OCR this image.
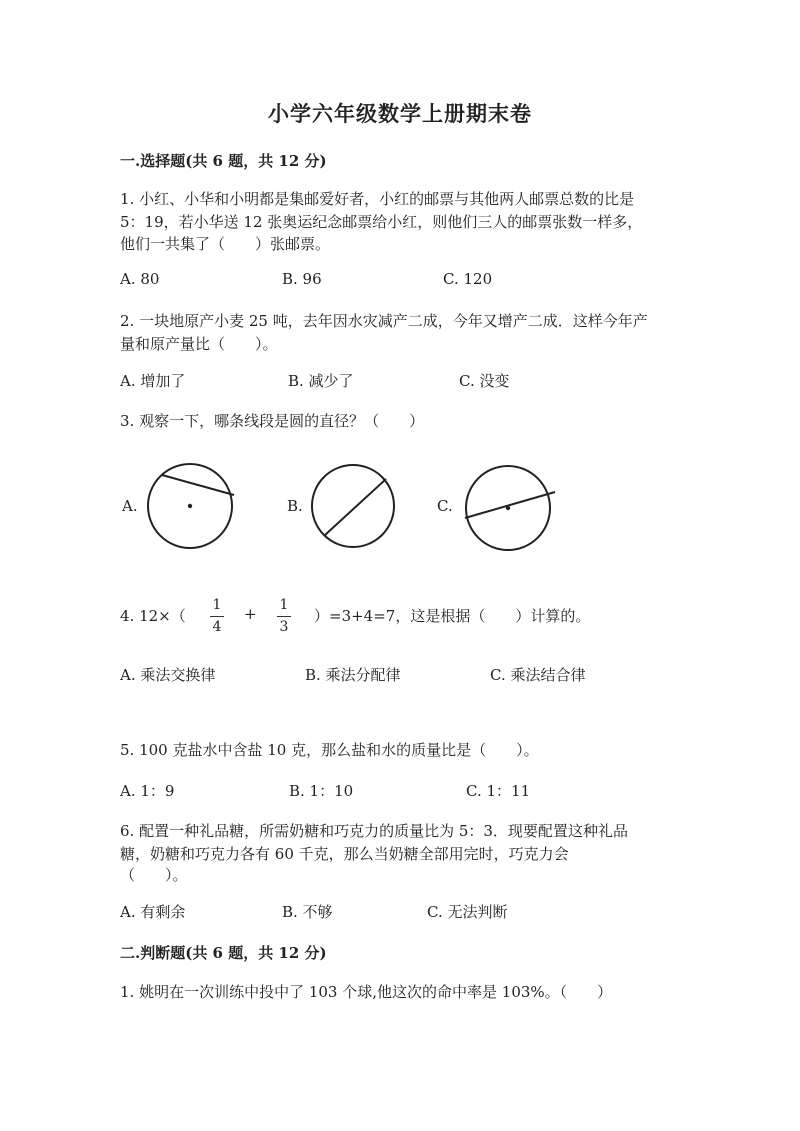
小学六年级数学上册期末卷
一.选择题(共 6 题，共 12 分)
1. 小红、小华和小明都是集邮爱好者，小红的邮票与其他两人邮票总数的比是
5：19，若小华送 12 张奥运纪念邮票给小红，则他们三人的邮票张数一样多，
他们一共集了（　　）张邮票。
A. 80	B. 96	C. 120
2. 一块地原产小麦 25 吨，去年因水灾减产二成，今年又增产二成．这样今年产
量和原产量比（　　）。
A. 增加了	B. 减少了	C. 没变
3. 观察一下，哪条线段是圆的直径？（　　）
A.	B.	C.
4. 12×（
1
4
+	1
3
）=3+4=7，这是根据（　　）计算的。
A. 乘法交换律	B. 乘法分配律	C. 乘法结合律
5. 100 克盐水中含盐 10 克，那么盐和水的质量比是（　　）。
A. 1：9	B. 1：10	C. 1：11
6. 配置一种礼品糖，所需奶糖和巧克力的质量比为 5：3．现要配置这种礼品
糖，奶糖和巧克力各有 60 千克，那么当奶糖全部用完时，巧克力会
（　　）。
A. 有剩余	B. 不够	C. 无法判断
二.判断题(共 6 题，共 12 分)
1. 姚明在一次训练中投中了 103 个球,他这次的命中率是 103%。（　　）
